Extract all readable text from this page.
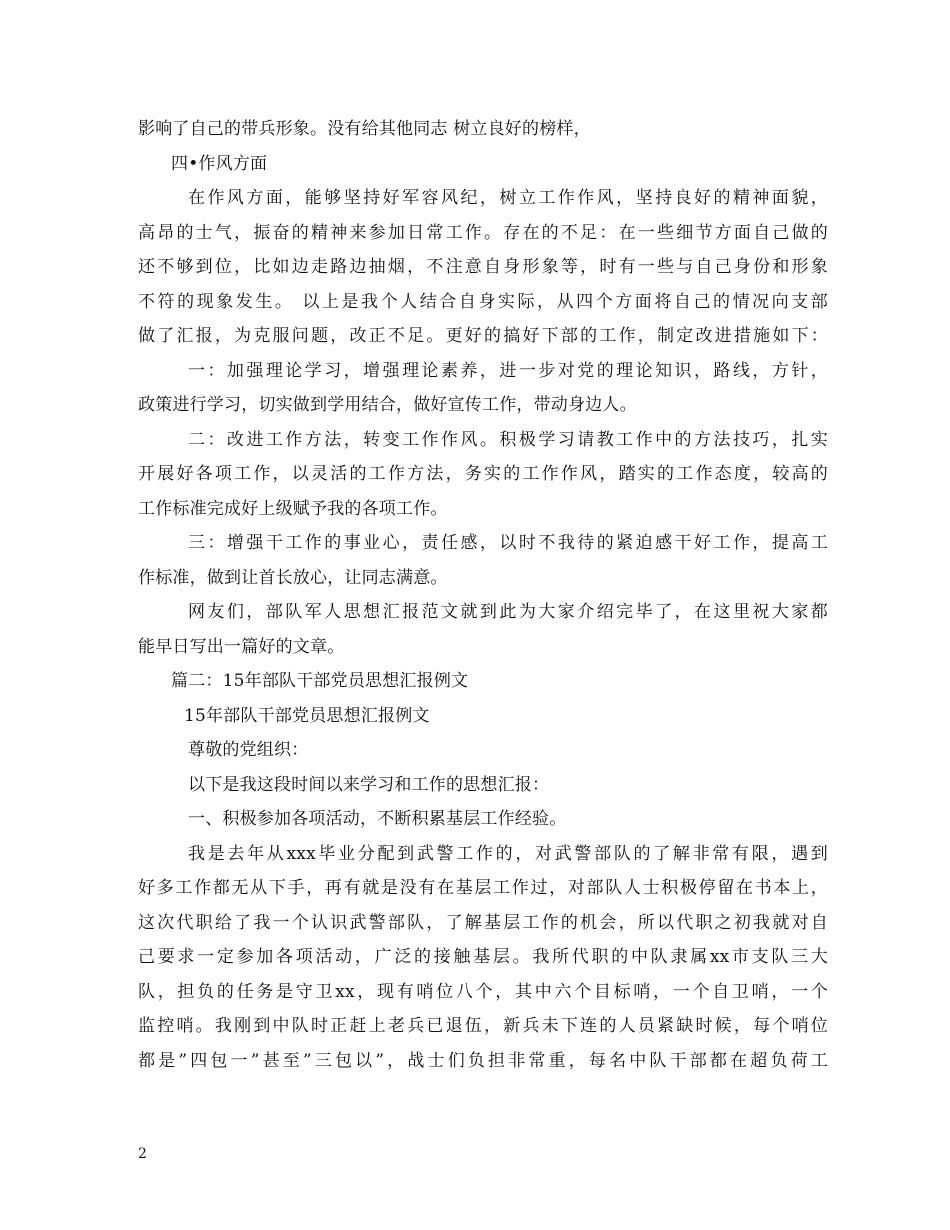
影响了自己的带兵形象。没有给其他同志 树立良好的榜样，
四•作风方面
在作风方面，能够坚持好军容风纪，树立工作作风，坚持良好的精神面貌，
高昂的士气，振奋的精神来参加日常工作。存在的不足：在一些细节方面自己做的
还不够到位，比如边走路边抽烟，不注意自身形象等，时有一些与自己身份和形象
不符的现象发生。 以上是我个人结合自身实际，从四个方面将自己的情况向支部
做了汇报，为克服问题，改正不足。更好的搞好下部的工作，制定改进措施如下：
一：加强理论学习，增强理论素养，进一步对党的理论知识，路线，方针，
政策进行学习，切实做到学用结合，做好宣传工作，带动身边人。
二：改进工作方法，转变工作作风。积极学习请教工作中的方法技巧，扎实
开展好各项工作，以灵活的工作方法，务实的工作作风，踏实的工作态度，较高的
工作标准完成好上级赋予我的各项工作。
三：增强干工作的事业心，责任感，以时不我待的紧迫感干好工作，提高工
作标准，做到让首长放心，让同志满意。
网友们，部队军人思想汇报范文就到此为大家介绍完毕了，在这里祝大家都
能早日写出一篇好的文章。
篇二：15年部队干部党员思想汇报例文
15年部队干部党员思想汇报例文
尊敬的党组织：
以下是我这段时间以来学习和工作的思想汇报：
一、积极参加各项活动，不断积累基层工作经验。
我是去年从xxx毕业分配到武警工作的，对武警部队的了解非常有限，遇到
好多工作都无从下手，再有就是没有在基层工作过，对部队人士积极停留在书本上，
这次代职给了我一个认识武警部队，了解基层工作的机会，所以代职之初我就对自
己要求一定参加各项活动，广泛的接触基层。我所代职的中队隶属xx市支队三大
队，担负的任务是守卫xx，现有哨位八个，其中六个目标哨，一个自卫哨，一个
监控哨。我刚到中队时正赶上老兵已退伍，新兵未下连的人员紧缺时候，每个哨位
都是”四包一”甚至”三包以”，战士们负担非常重，每名中队干部都在超负荷工
2
